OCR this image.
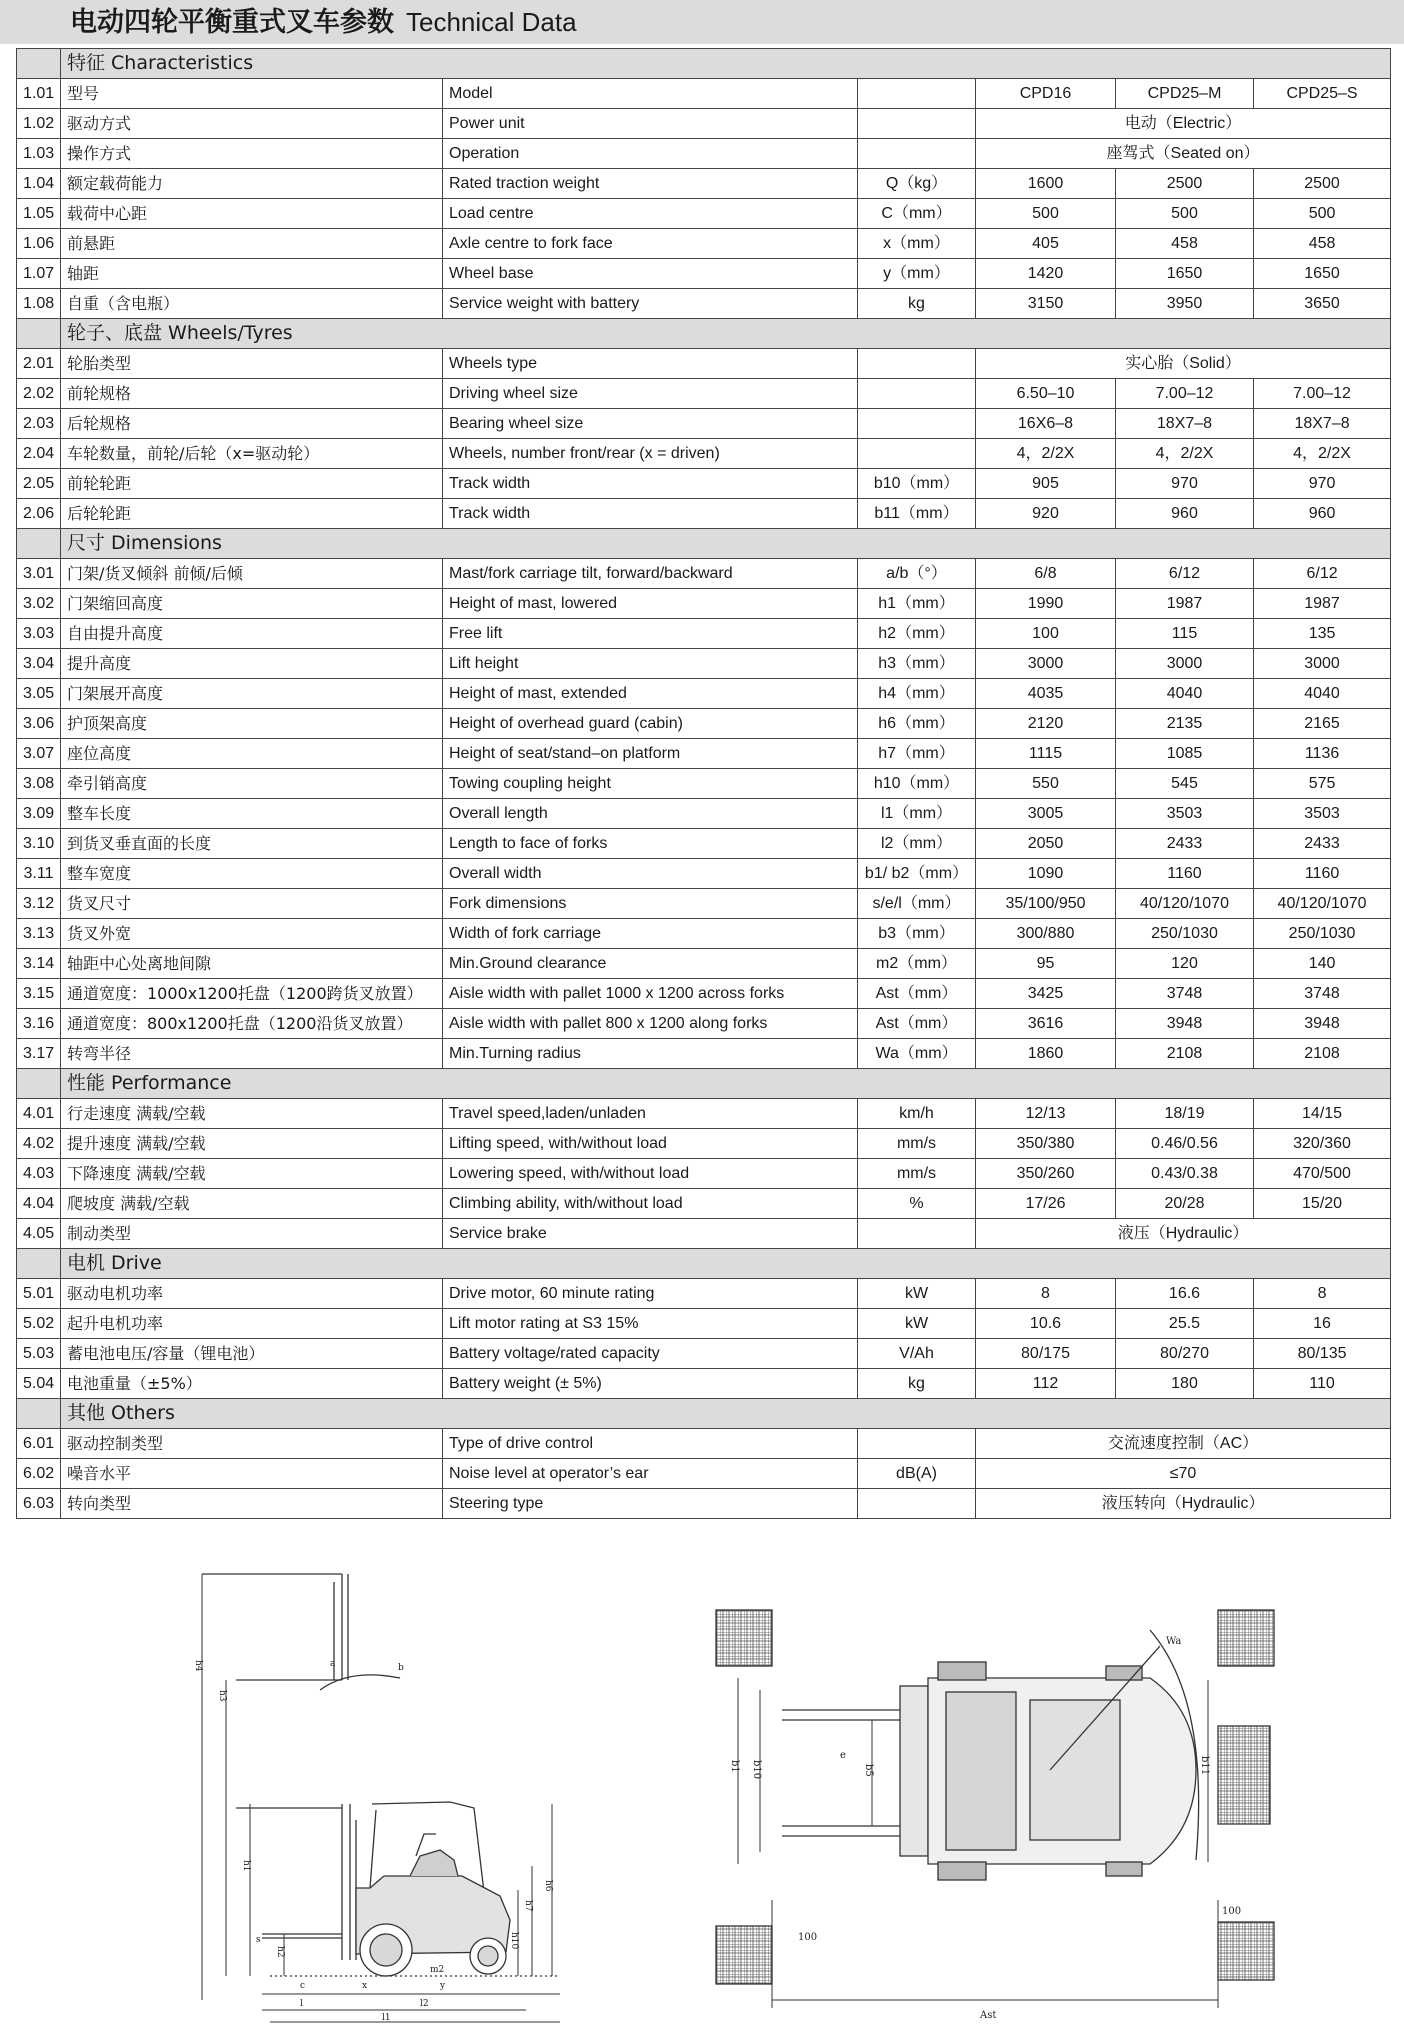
电动四轮平衡重式叉车参数 Technical Data
	特征 Characteristics					
1.01	型号	Model		CPD16	CPD25–M	CPD25–S
1.02	驱动方式	Power unit		电动（Electric）		
1.03	操作方式	Operation		座驾式（Seated on）		
1.04	额定载荷能力	Rated traction weight	Q（kg）	1600	2500	2500
1.05	载荷中心距	Load centre	C（mm）	500	500	500
1.06	前悬距	Axle centre to fork face	x（mm）	405	458	458
1.07	轴距	Wheel base	y（mm）	1420	1650	1650
1.08	自重（含电瓶）	Service weight with battery	kg	3150	3950	3650
	轮子、底盘 Wheels/Tyres					
2.01	轮胎类型	Wheels type		实心胎（Solid）		
2.02	前轮规格	Driving wheel size		6.50–10	7.00–12	7.00–12
2.03	后轮规格	Bearing wheel size		16X6–8	18X7–8	18X7–8
2.04	车轮数量，前轮/后轮（x=驱动轮）	Wheels, number front/rear (x = driven)		4，2/2X	4，2/2X	4，2/2X
2.05	前轮轮距	Track width	b10（mm）	905	970	970
2.06	后轮轮距	Track width	b11（mm）	920	960	960
	尺寸 Dimensions					
3.01	门架/货叉倾斜 前倾/后倾	Mast/fork carriage tilt, forward/backward	a/b（°）	6/8	6/12	6/12
3.02	门架缩回高度	Height of mast, lowered	h1（mm）	1990	1987	1987
3.03	自由提升高度	Free lift	h2（mm）	100	115	135
3.04	提升高度	Lift height	h3（mm）	3000	3000	3000
3.05	门架展开高度	Height of mast, extended	h4（mm）	4035	4040	4040
3.06	护顶架高度	Height of overhead guard (cabin)	h6（mm）	2120	2135	2165
3.07	座位高度	Height of seat/stand–on platform	h7（mm）	1115	1085	1136
3.08	牵引销高度	Towing coupling height	h10（mm）	550	545	575
3.09	整车长度	Overall length	l1（mm）	3005	3503	3503
3.10	到货叉垂直面的长度	Length to face of forks	l2（mm）	2050	2433	2433
3.11	整车宽度	Overall width	b1/ b2（mm）	1090	1160	1160
3.12	货叉尺寸	Fork dimensions	s/e/l（mm）	35/100/950	40/120/1070	40/120/1070
3.13	货叉外宽	Width of fork carriage	b3（mm）	300/880	250/1030	250/1030
3.14	轴距中心处离地间隙	Min.Ground clearance	m2（mm）	95	120	140
3.15	通道宽度：1000x1200托盘（1200跨货叉放置）	Aisle width with pallet 1000 x 1200 across forks	Ast（mm）	3425	3748	3748
3.16	通道宽度：800x1200托盘（1200沿货叉放置）	Aisle width with pallet 800 x 1200 along forks	Ast（mm）	3616	3948	3948
3.17	转弯半径	Min.Turning radius	Wa（mm）	1860	2108	2108
	性能 Performance					
4.01	行走速度 满载/空载	Travel speed,laden/unladen	km/h	12/13	18/19	14/15
4.02	提升速度 满载/空载	Lifting speed, with/without load	mm/s	350/380	0.46/0.56	320/360
4.03	下降速度 满载/空载	Lowering speed, with/without load	mm/s	350/260	0.43/0.38	470/500
4.04	爬坡度 满载/空载	Climbing ability, with/without load	%	17/26	20/28	15/20
4.05	制动类型	Service brake		液压（Hydraulic）		
	电机 Drive					
5.01	驱动电机功率	Drive motor, 60 minute rating	kW	8	16.6	8
5.02	起升电机功率	Lift motor rating at S3 15%	kW	10.6	25.5	16
5.03	蓄电池电压/容量（锂电池）	Battery voltage/rated capacity	V/Ah	80/175	80/270	80/135
5.04	电池重量（±5%）	Battery weight (± 5%)	kg	112	180	110
	其他 Others					
6.01	驱动控制类型	Type of drive control		交流速度控制（AC）		
6.02	噪音水平	Noise level at operator’s ear	dB(A)	≤70		
6.03	转向类型	Steering type		液压转向（Hydraulic）		
h4
h3
h6
h7
h1
h2
h10
m2
a	b
c	x	y
s
l	l2
l1
b1 b10	b11
b5
e
Wa
100
100
Ast
